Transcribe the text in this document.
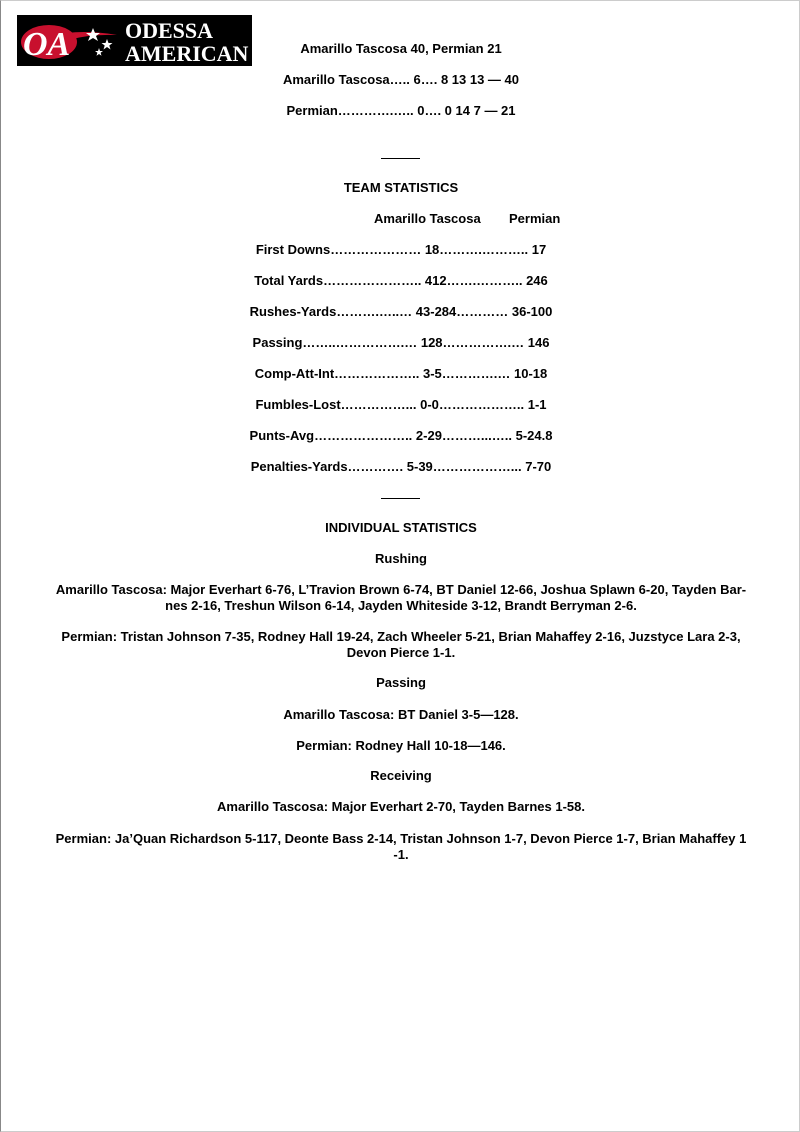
OA ODESSA
AMERICAN	Amarillo Tascosa 40, Permian 21
Amarillo Tascosa….. 6…. 8 13 13 — 40
Permian………….….. 0…. 0 14 7 — 21
TEAM STATISTICS
Amarillo Tascosa Permian
First Downs………………… 18……….……….. 17
Total Yards………………….. 412…….……….. 246
Rushes-Yards……….…..… 43-284………… 36-100
Passing……..…………….… 128…………….… 146
Comp-Att-Int……………….. 3-5………….… 10-18
Fumbles-Lost……………... 0-0……………….. 1-1
Punts-Avg………………….. 2-29………...….. 5-24.8
Penalties-Yards…………. 5-39………………... 7-70
INDIVIDUAL STATISTICS
Rushing
Amarillo Tascosa: Major Everhart 6-76, L’Travion Brown 6-74, BT Daniel 12-66, Joshua Splawn 6-20, Tayden Bar-
nes 2-16, Treshun Wilson 6-14, Jayden Whiteside 3-12, Brandt Berryman 2-6.
Permian: Tristan Johnson 7-35, Rodney Hall 19-24, Zach Wheeler 5-21, Brian Mahaffey 2-16, Juzstyce Lara 2-3,
Devon Pierce 1-1.
Passing
Amarillo Tascosa: BT Daniel 3-5—128.
Permian: Rodney Hall 10-18—146.
Receiving
Amarillo Tascosa: Major Everhart 2-70, Tayden Barnes 1-58.
Permian: Ja’Quan Richardson 5-117, Deonte Bass 2-14, Tristan Johnson 1-7, Devon Pierce 1-7, Brian Mahaffey 1
-1.
